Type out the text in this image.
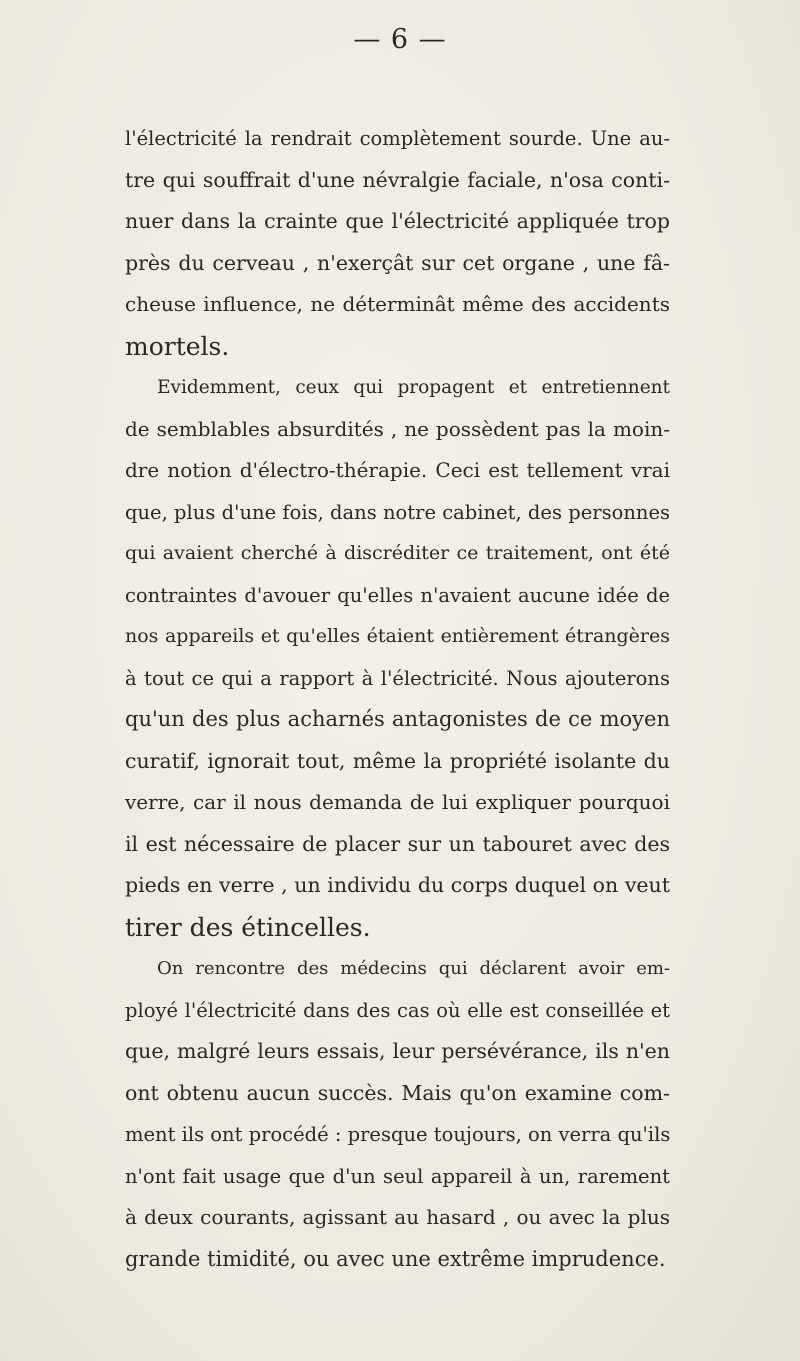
— 6 —
l'électricité la rendrait complètement sourde. Une au-
tre qui souffrait d'une névralgie faciale, n'osa conti-
nuer dans la crainte que l'électricité appliquée trop
près du cerveau , n'exerçât sur cet organe , une fâ-
cheuse influence, ne déterminât même des accidents
mortels.
Evidemment, ceux qui propagent et entretiennent
de semblables absurdités , ne possèdent pas la moin-
dre notion d'électro-thérapie. Ceci est tellement vrai
que, plus d'une fois, dans notre cabinet, des personnes
qui avaient cherché à discréditer ce traitement, ont été
contraintes d'avouer qu'elles n'avaient aucune idée de
nos appareils et qu'elles étaient entièrement étrangères
à tout ce qui a rapport à l'électricité. Nous ajouterons
qu'un des plus acharnés antagonistes de ce moyen
curatif, ignorait tout, même la propriété isolante du
verre, car il nous demanda de lui expliquer pourquoi
il est nécessaire de placer sur un tabouret avec des
pieds en verre , un individu du corps duquel on veut
tirer des étincelles.
On rencontre des médecins qui déclarent avoir em-
ployé l'électricité dans des cas où elle est conseillée et
que, malgré leurs essais, leur persévérance, ils n'en
ont obtenu aucun succès. Mais qu'on examine com-
ment ils ont procédé : presque toujours, on verra qu'ils
n'ont fait usage que d'un seul appareil à un, rarement
à deux courants, agissant au hasard , ou avec la plus
grande timidité, ou avec une extrême imprudence.
